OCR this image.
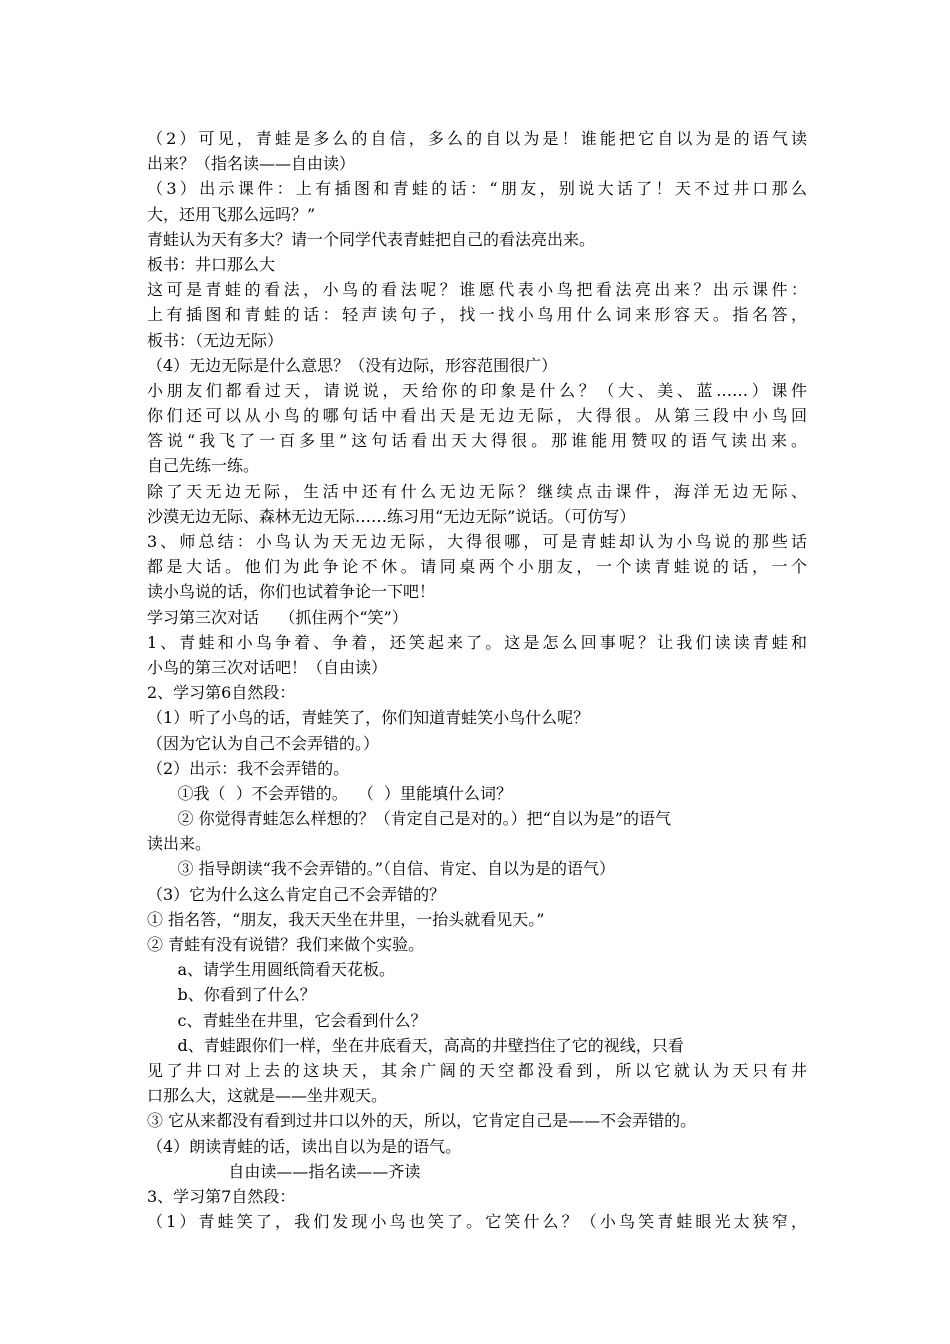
（2）可见，青蛙是多么的自信，多么的自以为是！谁能把它自以为是的语气读
出来？（指名读——自由读）
（3）出示课件：上有插图和青蛙的话：“朋友，别说大话了！天不过井口那么
大，还用飞那么远吗？”
青蛙认为天有多大？请一个同学代表青蛙把自己的看法亮出来。
板书：井口那么大
这可是青蛙的看法，小鸟的看法呢？谁愿代表小鸟把看法亮出来？出示课件：
上有插图和青蛙的话：轻声读句子，找一找小鸟用什么词来形容天。指名答，
板书：（无边无际）
（4）无边无际是什么意思？（没有边际，形容范围很广）
小朋友们都看过天，请说说，天给你的印象是什么？（大、美、蓝……）课件
你们还可以从小鸟的哪句话中看出天是无边无际，大得很。从第三段中小鸟回
答说“我飞了一百多里”这句话看出天大得很。那谁能用赞叹的语气读出来。
自己先练一练。
除了天无边无际，生活中还有什么无边无际？继续点击课件，海洋无边无际、
沙漠无边无际、森林无边无际……练习用“无边无际”说话。（可仿写）
3、师总结：小鸟认为天无边无际，大得很哪，可是青蛙却认为小鸟说的那些话
都是大话。他们为此争论不休。请同桌两个小朋友，一个读青蛙说的话，一个
读小鸟说的话，你们也试着争论一下吧！
学习第三次对话    （抓住两个“笑”）
1、青蛙和小鸟争着、争着，还笑起来了。这是怎么回事呢？让我们读读青蛙和
小鸟的第三次对话吧！（自由读）
2、学习第6自然段：
（1）听了小鸟的话，青蛙笑了，你们知道青蛙笑小鸟什么呢？
（因为它认为自己不会弄错的。）
（2）出示：我不会弄错的。
①我（  ）不会弄错的。  （  ）里能填什么词？
② 你觉得青蛙怎么样想的？（肯定自己是对的。）把“自以为是”的语气
读出来。
③ 指导朗读“我不会弄错的。”（自信、肯定、自以为是的语气）
（3）它为什么这么肯定自己不会弄错的？
① 指名答，“朋友，我天天坐在井里，一抬头就看见天。”
② 青蛙有没有说错？我们来做个实验。
a、请学生用圆纸筒看天花板。
b、你看到了什么？
c、青蛙坐在井里，它会看到什么？
d、青蛙跟你们一样，坐在井底看天，高高的井壁挡住了它的视线，只看
见了井口对上去的这块天，其余广阔的天空都没看到，所以它就认为天只有井
口那么大，这就是——坐井观天。
③ 它从来都没有看到过井口以外的天，所以，它肯定自己是——不会弄错的。
（4）朗读青蛙的话，读出自以为是的语气。
自由读——指名读——齐读
3、学习第7自然段：
（1）青蛙笑了，我们发现小鸟也笑了。它笑什么？（小鸟笑青蛙眼光太狭窄，
